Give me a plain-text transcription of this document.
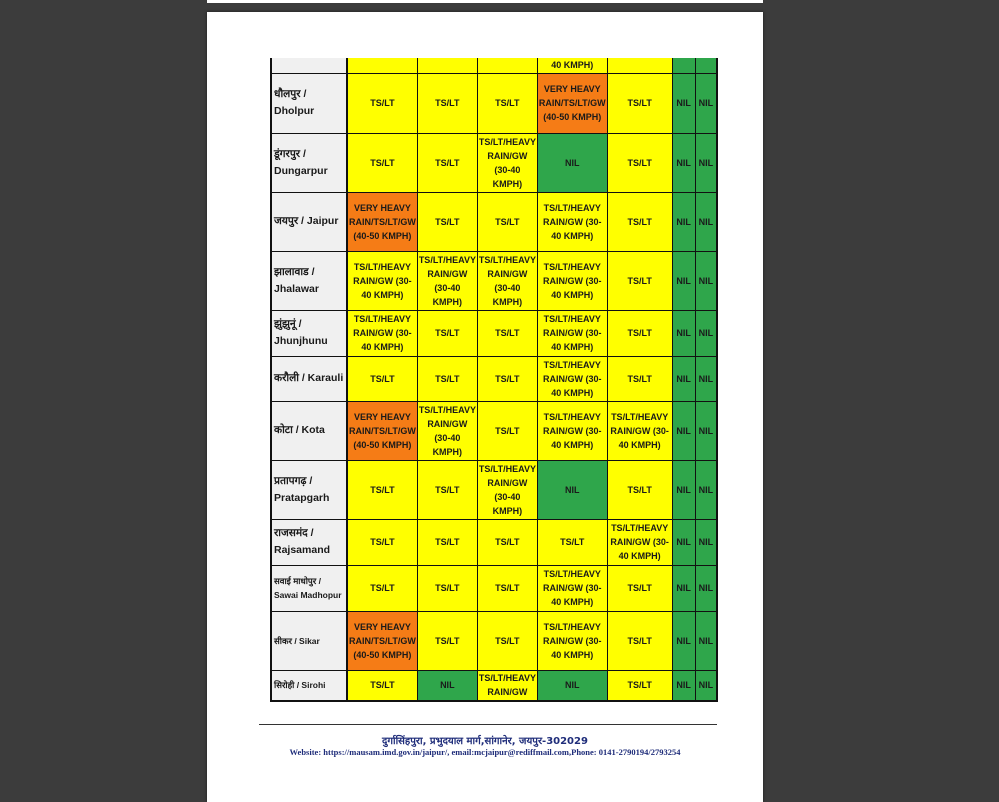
				40 KMPH)			
धौलपुर / Dholpur	TS/LT	TS/LT	TS/LT	VERY HEAVY RAIN/TS/LT/GW (40-50 KMPH)	TS/LT	NIL	NIL
डूंगरपुर / Dungarpur	TS/LT	TS/LT	TS/LT/HEAVY RAIN/GW (30-40 KMPH)	NIL	TS/LT	NIL	NIL
जयपुर / Jaipur	VERY HEAVY RAIN/TS/LT/GW (40-50 KMPH)	TS/LT	TS/LT	TS/LT/HEAVY RAIN/GW (30-40 KMPH)	TS/LT	NIL	NIL
झालावाड / Jhalawar	TS/LT/HEAVY RAIN/GW (30-40 KMPH)	TS/LT/HEAVY RAIN/GW (30-40 KMPH)	TS/LT/HEAVY RAIN/GW (30-40 KMPH)	TS/LT/HEAVY RAIN/GW (30-40 KMPH)	TS/LT	NIL	NIL
झुंझुनूं / Jhunjhunu	TS/LT/HEAVY RAIN/GW (30-40 KMPH)	TS/LT	TS/LT	TS/LT/HEAVY RAIN/GW (30-40 KMPH)	TS/LT	NIL	NIL
करौली / Karauli	TS/LT	TS/LT	TS/LT	TS/LT/HEAVY RAIN/GW (30-40 KMPH)	TS/LT	NIL	NIL
कोटा / Kota	VERY HEAVY RAIN/TS/LT/GW (40-50 KMPH)	TS/LT/HEAVY RAIN/GW (30-40 KMPH)	TS/LT	TS/LT/HEAVY RAIN/GW (30-40 KMPH)	TS/LT/HEAVY RAIN/GW (30-40 KMPH)	NIL	NIL
प्रतापगढ़ / Pratapgarh	TS/LT	TS/LT	TS/LT/HEAVY RAIN/GW (30-40 KMPH)	NIL	TS/LT	NIL	NIL
राजसमंद / Rajsamand	TS/LT	TS/LT	TS/LT	TS/LT	TS/LT/HEAVY RAIN/GW (30-40 KMPH)	NIL	NIL
सवाई माधोपुर / Sawai Madhopur	TS/LT	TS/LT	TS/LT	TS/LT/HEAVY RAIN/GW (30-40 KMPH)	TS/LT	NIL	NIL
सीकर / Sikar	VERY HEAVY RAIN/TS/LT/GW (40-50 KMPH)	TS/LT	TS/LT	TS/LT/HEAVY RAIN/GW (30-40 KMPH)	TS/LT	NIL	NIL
सिरोही / Sirohi	TS/LT	NIL	TS/LT/HEAVY RAIN/GW	NIL	TS/LT	NIL	NIL
दुर्गासिंहपुरा, प्रभुदयाल मार्ग,सांगानेर, जयपुर-302029
Website: https://mausam.imd.gov.in/jaipur/, email:mcjaipur@rediffmail.com,Phone: 0141-2790194/2793254
